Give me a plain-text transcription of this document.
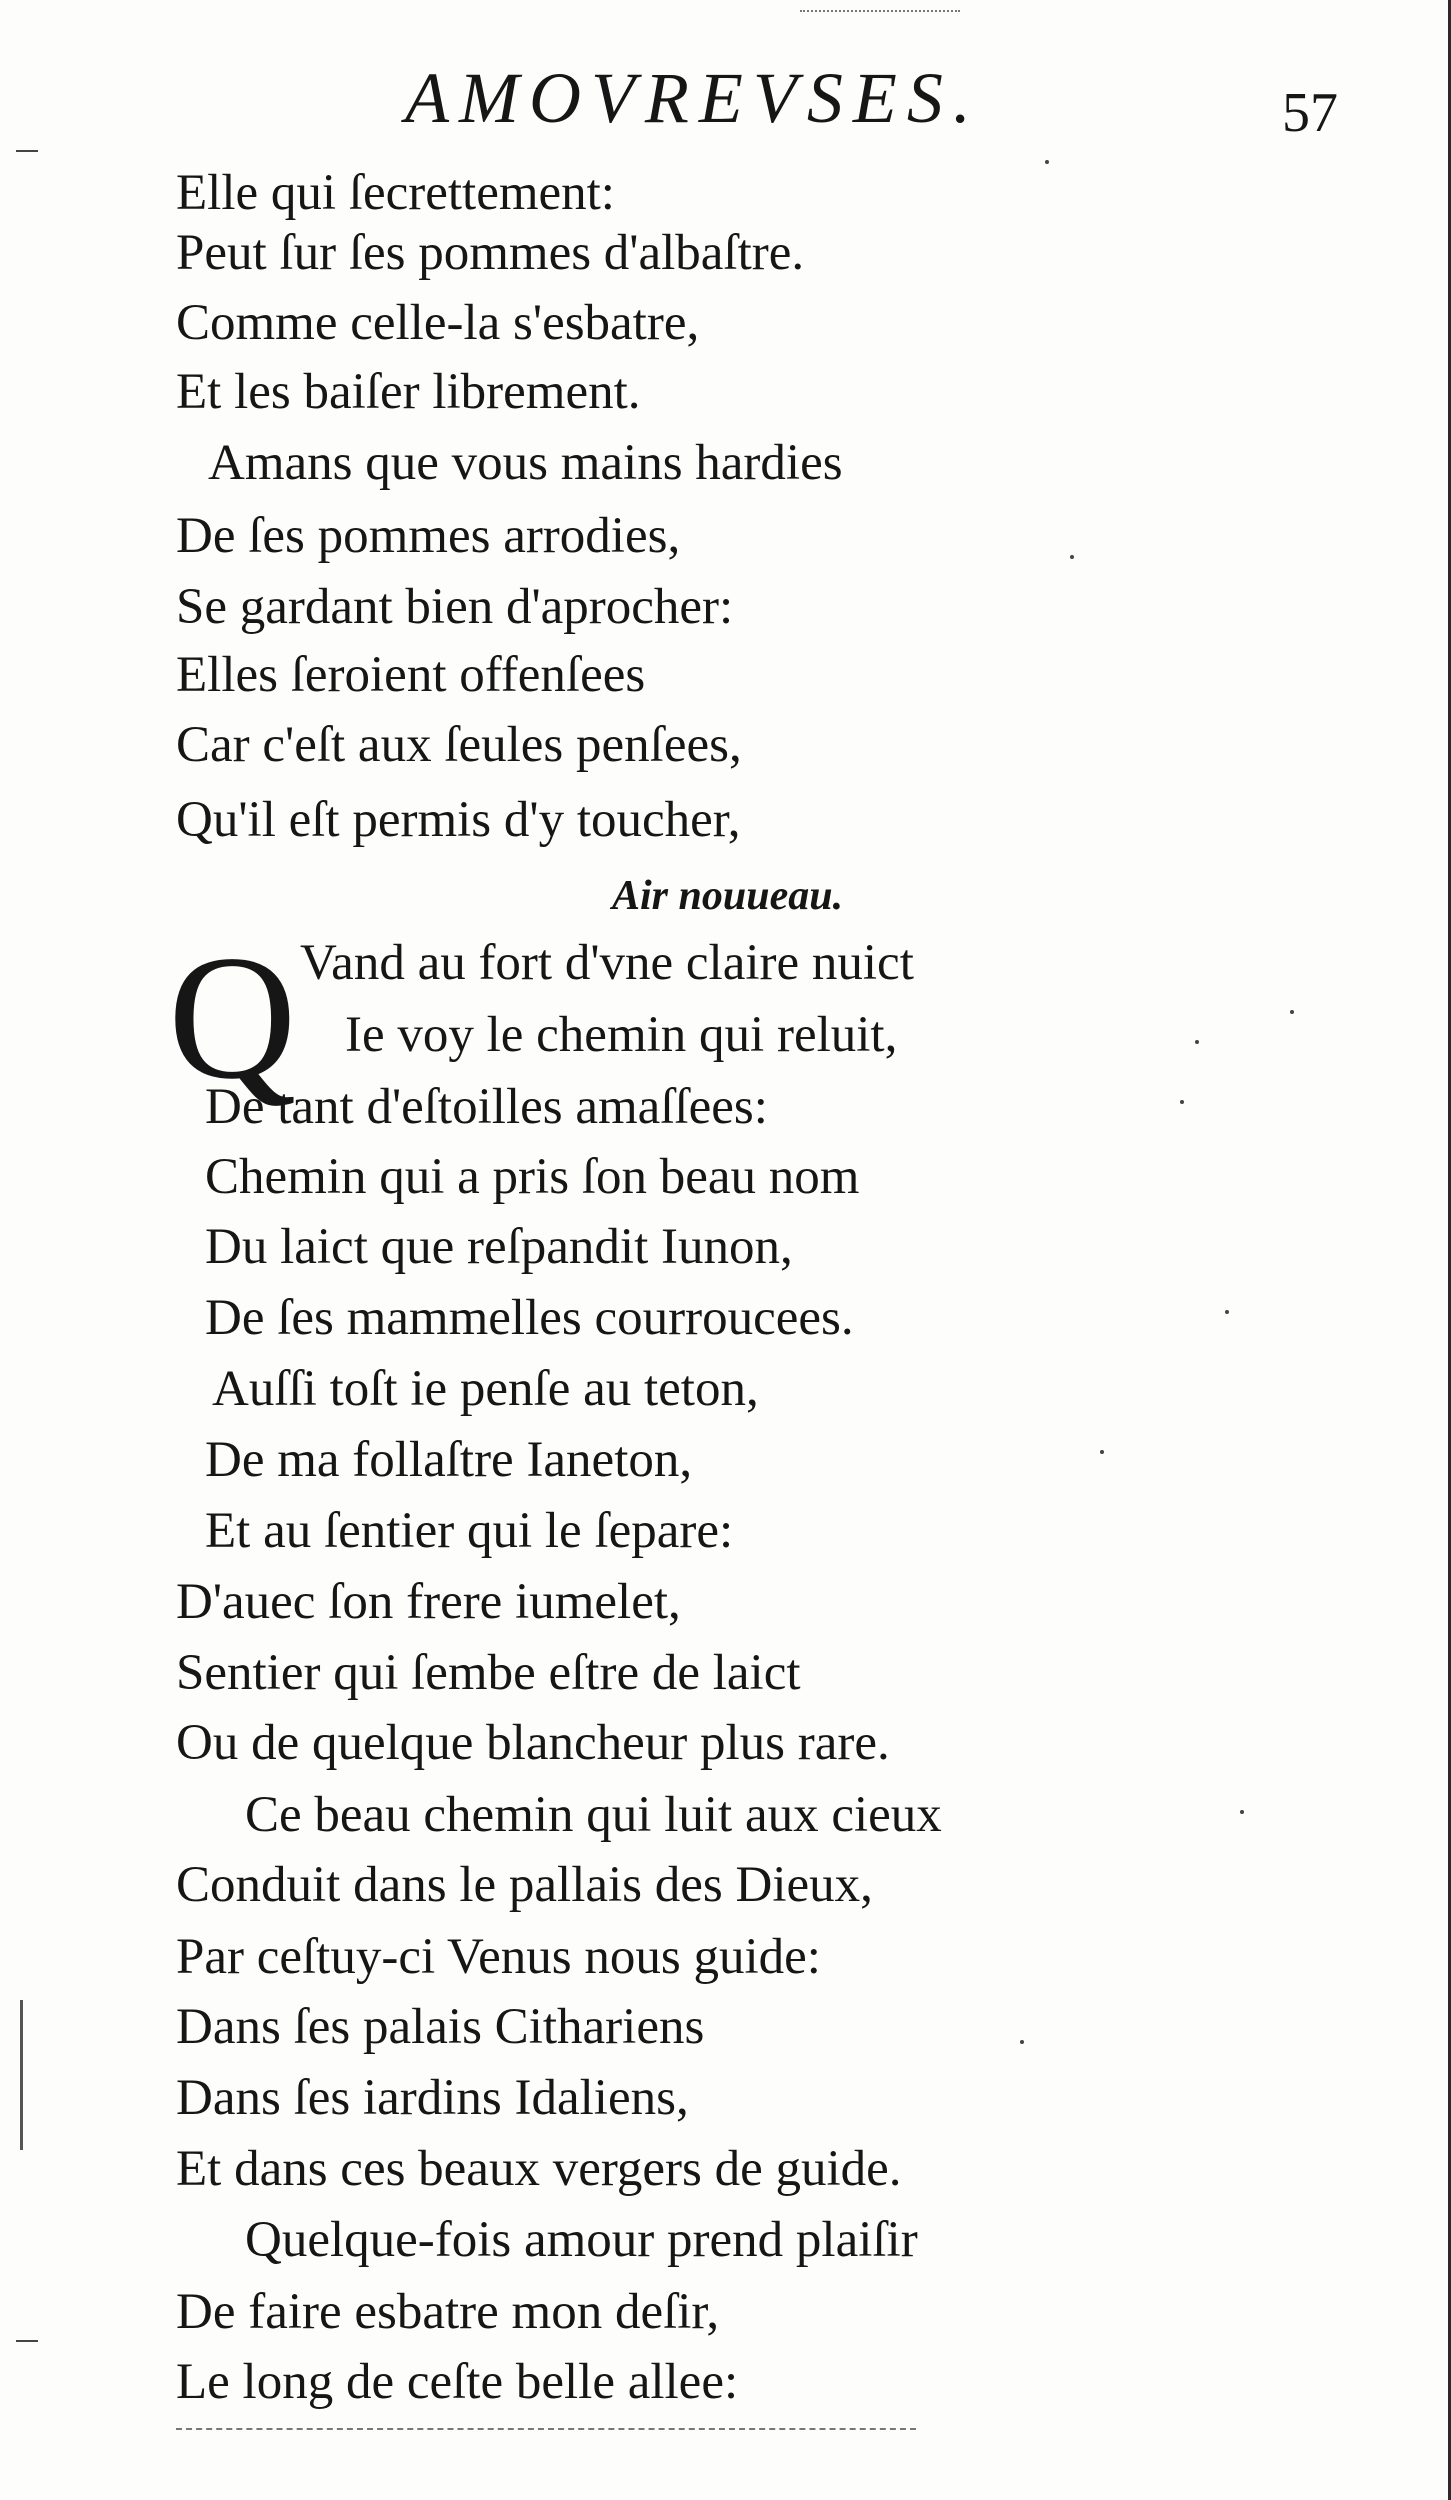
AMOVREVSES.	57
Elle qui ſecrettement:
Peut ſur ſes pommes d'albaſtre.
Comme celle-la s'esbatre,
Et les baiſer librement.
Amans que vous mains hardies
De ſes pommes arrodies,
Se gardant bien d'aprocher:
Elles ſeroient offenſees
Car c'eſt aux ſeules penſees,
Qu'il eſt permis d'y toucher,
Air nouueau.
Q Vand au fort d'vne claire nuict
Ie voy le chemin qui reluit,
De tant d'eſtoilles amaſſees:
Chemin qui a pris ſon beau nom
Du laict que reſpandit Iunon,
De ſes mammelles courroucees.
Auſſi toſt ie penſe au teton,
De ma follaſtre Ianeton,
Et au ſentier qui le ſepare:
D'auec ſon frere iumelet,
Sentier qui ſembe eſtre de laict
Ou de quelque blancheur plus rare.
Ce beau chemin qui luit aux cieux
Conduit dans le pallais des Dieux,
Par ceſtuy-ci Venus nous guide:
Dans ſes palais Cithariens
Dans ſes iardins Idaliens,
Et dans ces beaux vergers de guide.
Quelque-fois amour prend plaiſir
De faire esbatre mon deſir,
Le long de ceſte belle allee:
